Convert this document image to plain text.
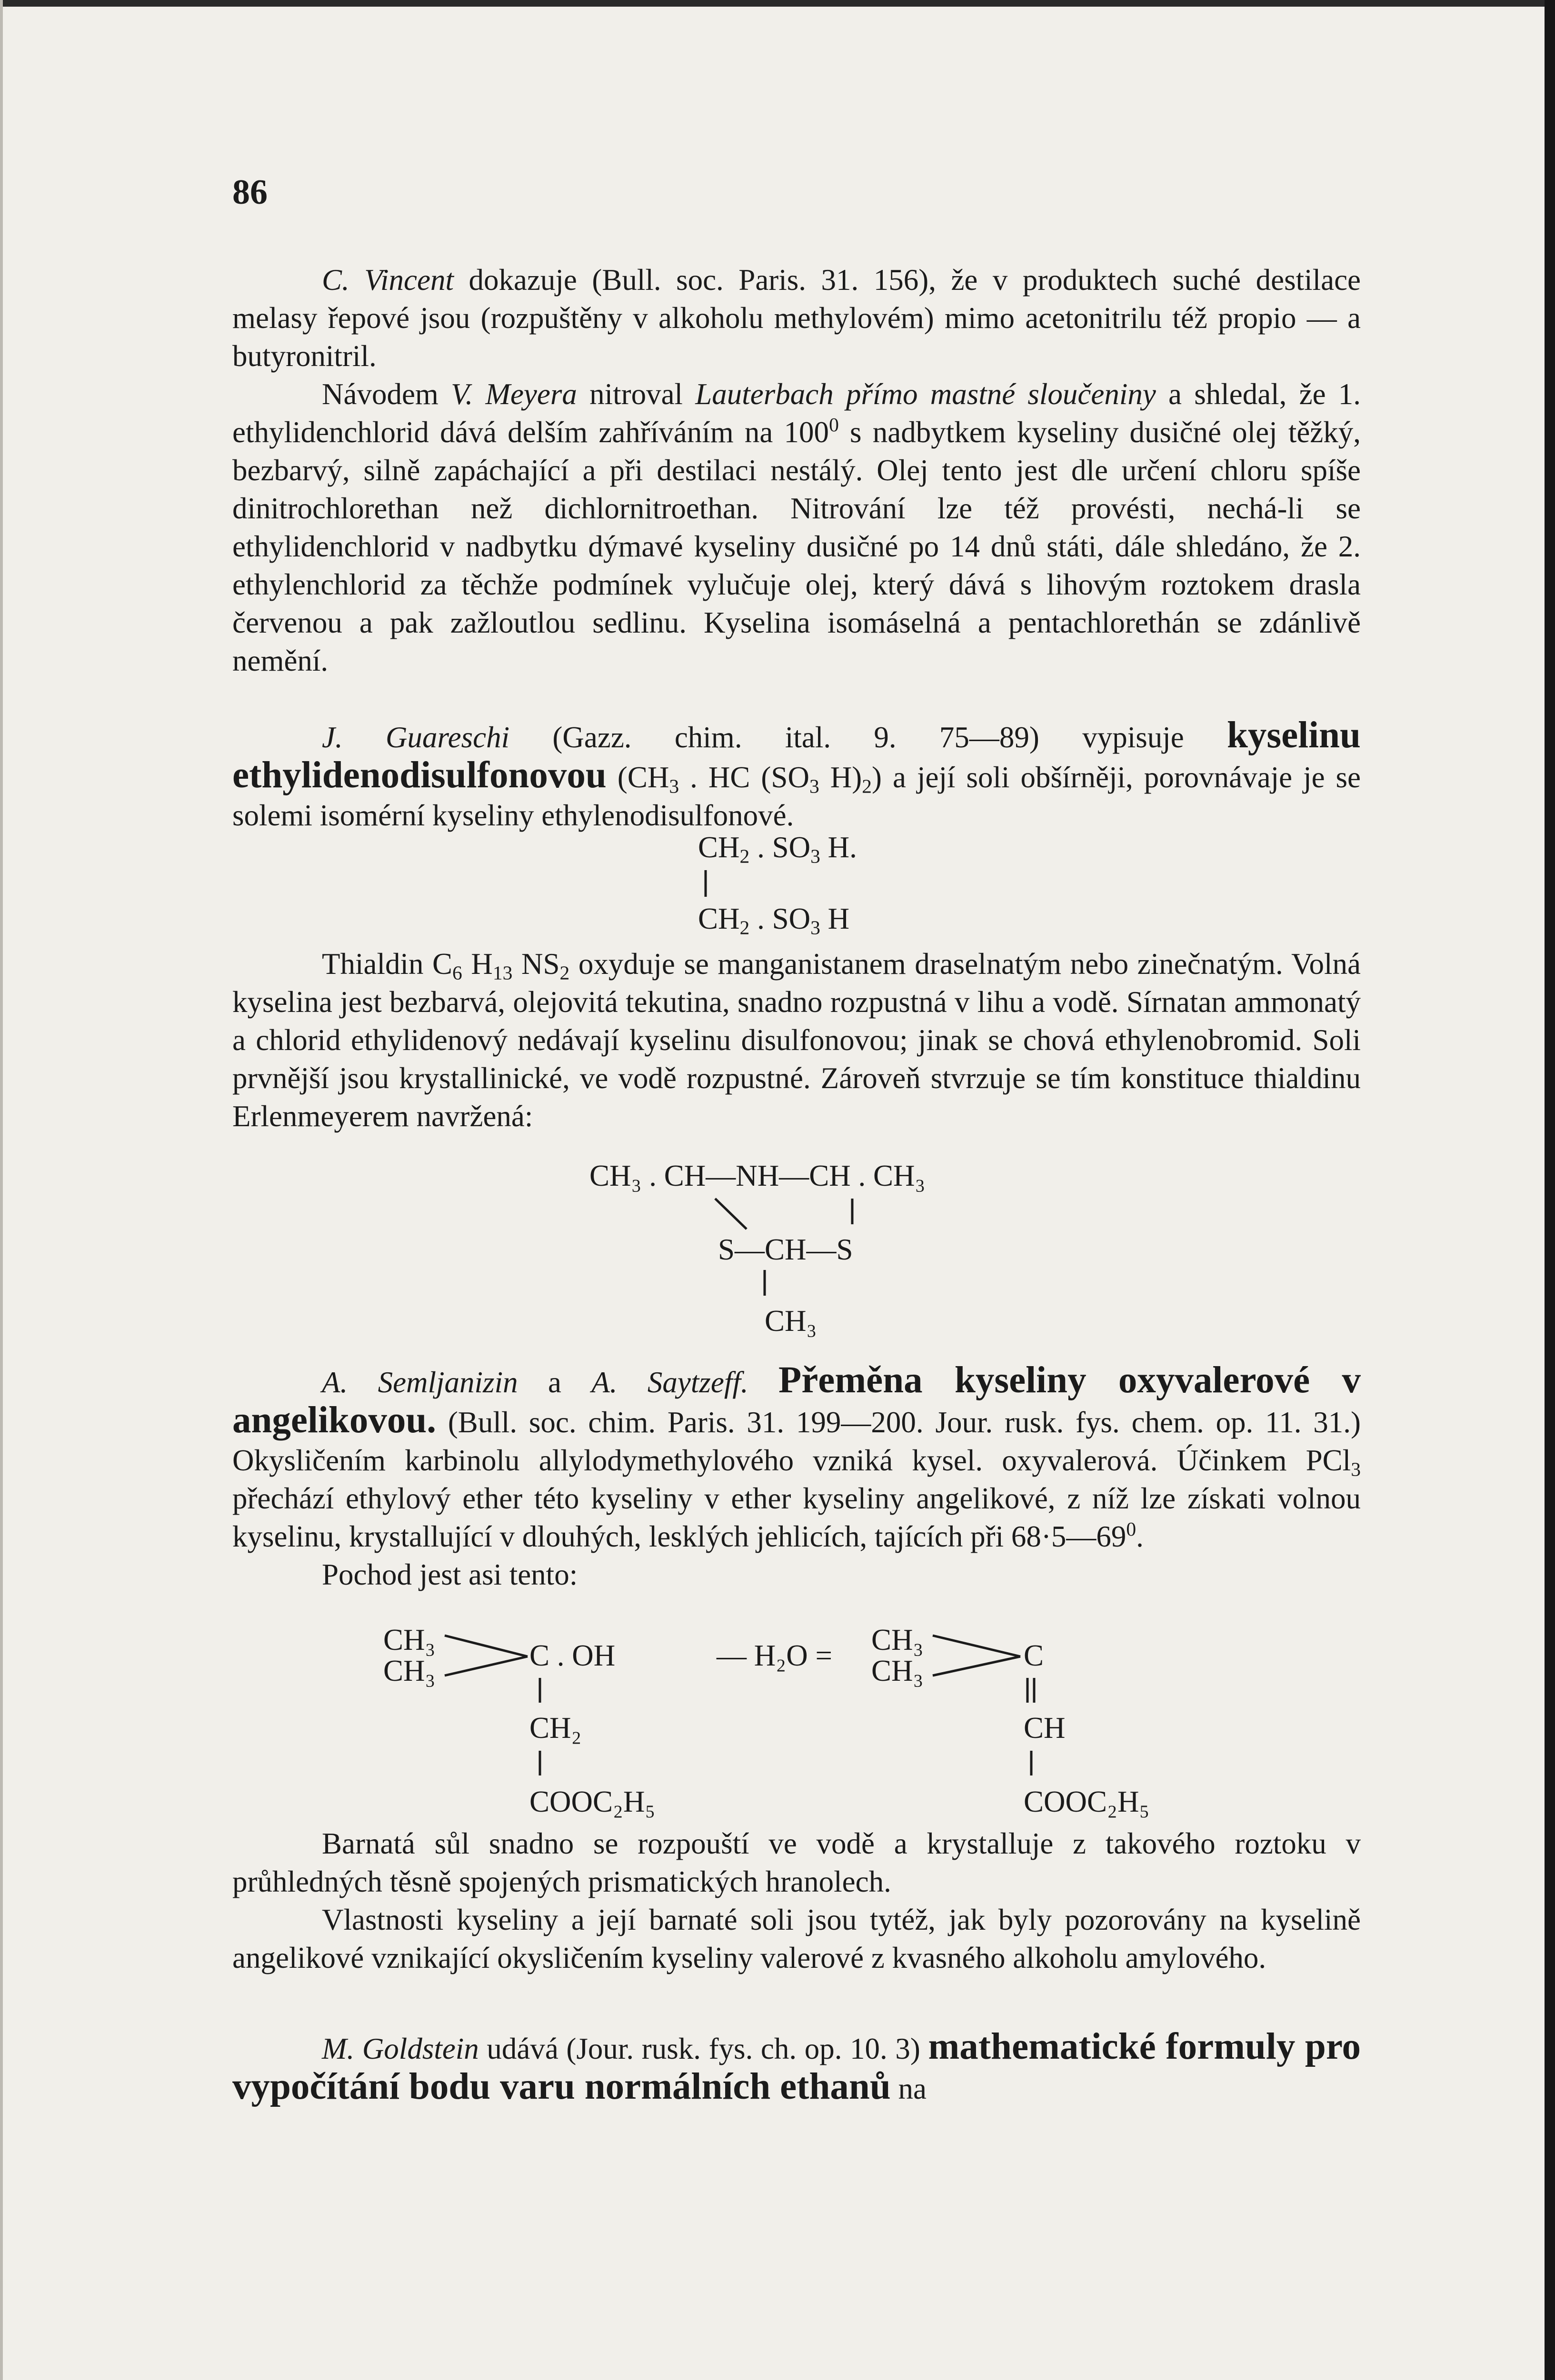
86

C. Vincent dokazuje (Bull. soc. Paris. 31. 156), že v produktech suché destilace melasy řepové jsou (rozpuštěny v alkoholu methylovém) mimo acetonitrilu též propio — a butyronitril.

Návodem V. Meyera nitroval Lauterbach přímo mastné sloučeniny a shledal, že 1. ethylidenchlorid dává delším zahříváním na $100^0$ s nadbytkem kyseliny dusičné olej těžký, bezbarvý, silně zapáchající a při destilaci nestálý. Olej tento jest dle určení chloru spíše dinitrochlorethan než dichlornitroethan. Nitrování lze též provésti, nechá-li se ethylidenchlorid v nadbytku dýmavé kyseliny dusičné po 14 dnů státi, dále shledáno, že 2. ethylenchlorid za těchže podmínek vylučuje olej, který dává s lihovým roztokem drasla červenou a pak zažloutlou sedlinu. Kyselina isomáselná a pentachlorethán se zdánlivě nemění.

J. Guareschi (Gazz. chim. ital. 9. 75—89) vypisuje kyselinu ethylidenodisulfonovou ($CH_3$ . HC ($SO_3$ $H)_2$) a její soli obšírněji, porovnávaje je se solemi isomérní kyseliny ethylenodisulfonové.

$CH_2$ . $SO_3$ H.
$CH_2$ . $SO_3$ H

Thialdin $C_6$ $H_{13}$ $NS_2$ oxyduje se manganistanem draselnatým nebo zinečnatým. Volná kyselina jest bezbarvá, olejovitá tekutina, snadno rozpustná v lihu a vodě. Sírnatan ammonatý a chlorid ethylidenový nedávají kyselinu disulfonovou; jinak se chová ethylenobromid. Soli prvnější jsou krystallinické, ve vodě rozpustné. Zároveň stvrzuje se tím konstituce thialdinu Erlenmeyerem navržená:

CH₃ . CH—NH—CH . CH₃
S—CH—S
CH₃

A. Semljanizin a A. Saytzeff. Přeměna kyseliny oxyvalerové v angelikovou. (Bull. soc. chim. Paris. 31. 199—200. Jour. rusk. fys. chem. op. 11. 31.) Okysličením karbinolu allylodymethylového vzniká kysel. oxyvalerová. Účinkem PCl$_3$ přechází ethylový ether této kyseliny v ether kyseliny angelikové, z níž lze získati volnou kyselinu, krystallující v dlouhých, lesklých jehlicích, tajících při $68\cdot 5—69^0$.

Pochod jest asi tento:

CH₃
CH₃	C . OH
CH₂
COOC₂H₅
— H₂O = CH₃
CH₃	C
CH
COOC₂H₅

Barnatá sůl snadno se rozpouští ve vodě a krystalluje z takového roztoku v průhledných těsně spojených prismatických hranolech.

Vlastnosti kyseliny a její barnaté soli jsou tytéž, jak byly pozorovány na kyselině angelikové vznikající okysličením kyseliny valerové z kvasného alkoholu amylového.

M. Goldstein udává (Jour. rusk. fys. ch. op. 10. 3) mathematické formuly pro vypočítání bodu varu normálních ethanů na
